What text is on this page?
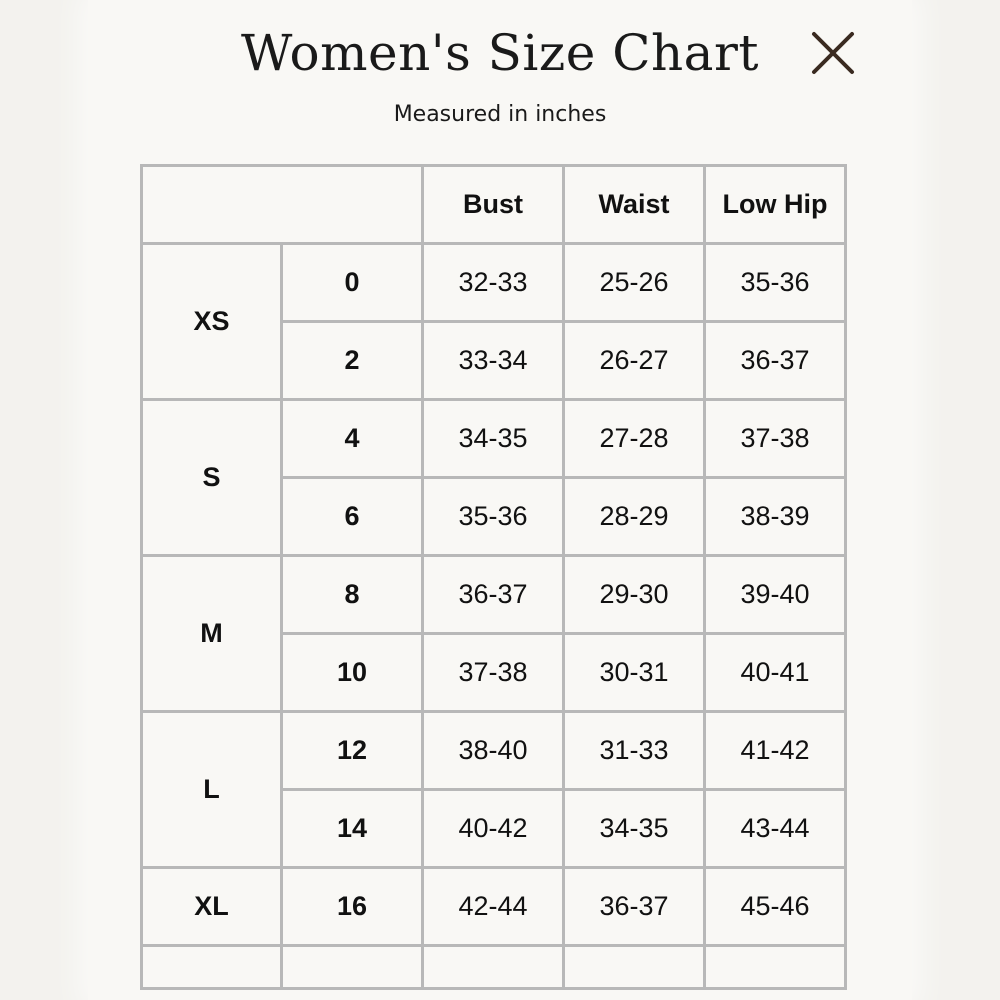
Women's Size Chart
Measured in inches
		Bust	Waist	Low Hip
XS	0	32-33	25-26	35-36
	2	33-34	26-27	36-37
S	4	34-35	27-28	37-38
	6	35-36	28-29	38-39
M	8	36-37	29-30	39-40
	10	37-38	30-31	40-41
L	12	38-40	31-33	41-42
	14	40-42	34-35	43-44
XL	16	42-44	36-37	45-46
